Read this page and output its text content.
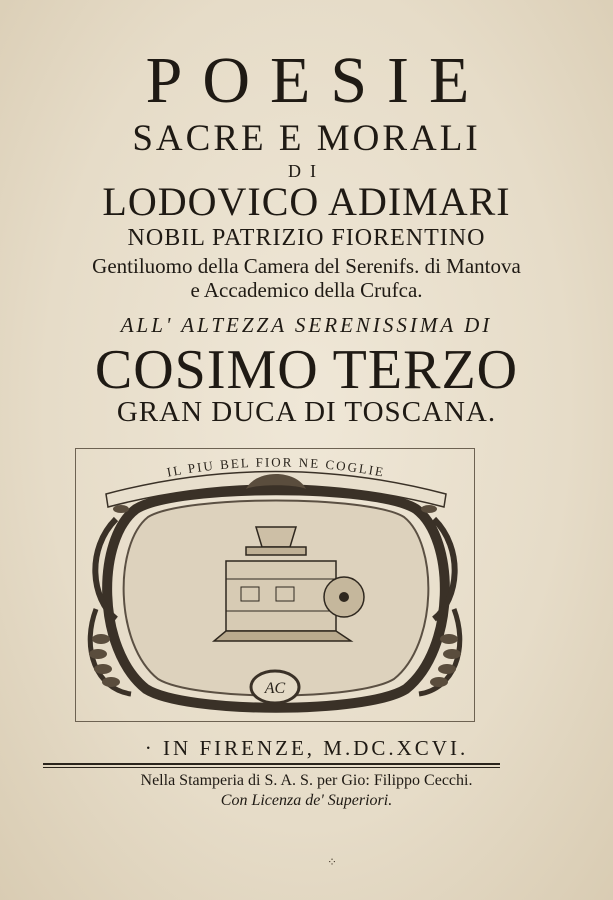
POESIE
SACRE E MORALI
DI
LODOVICO ADIMARI
NOBIL PATRIZIO FIORENTINO
Gentiluomo della Camera del Serenifs. di Mantova
e Accademico della Crufca.
ALL' ALTEZZA SERENISSIMA DI
COSIMO TERZO
GRAN DUCA DI TOSCANA.
IL PIU BEL FIOR NE COGLIE
AC
· IN FIRENZE, M.DC.XCVI.
Nella Stamperia di S. A. S. per Gio: Filippo Cecchi.
Con Licenza de' Superiori.
⁘
